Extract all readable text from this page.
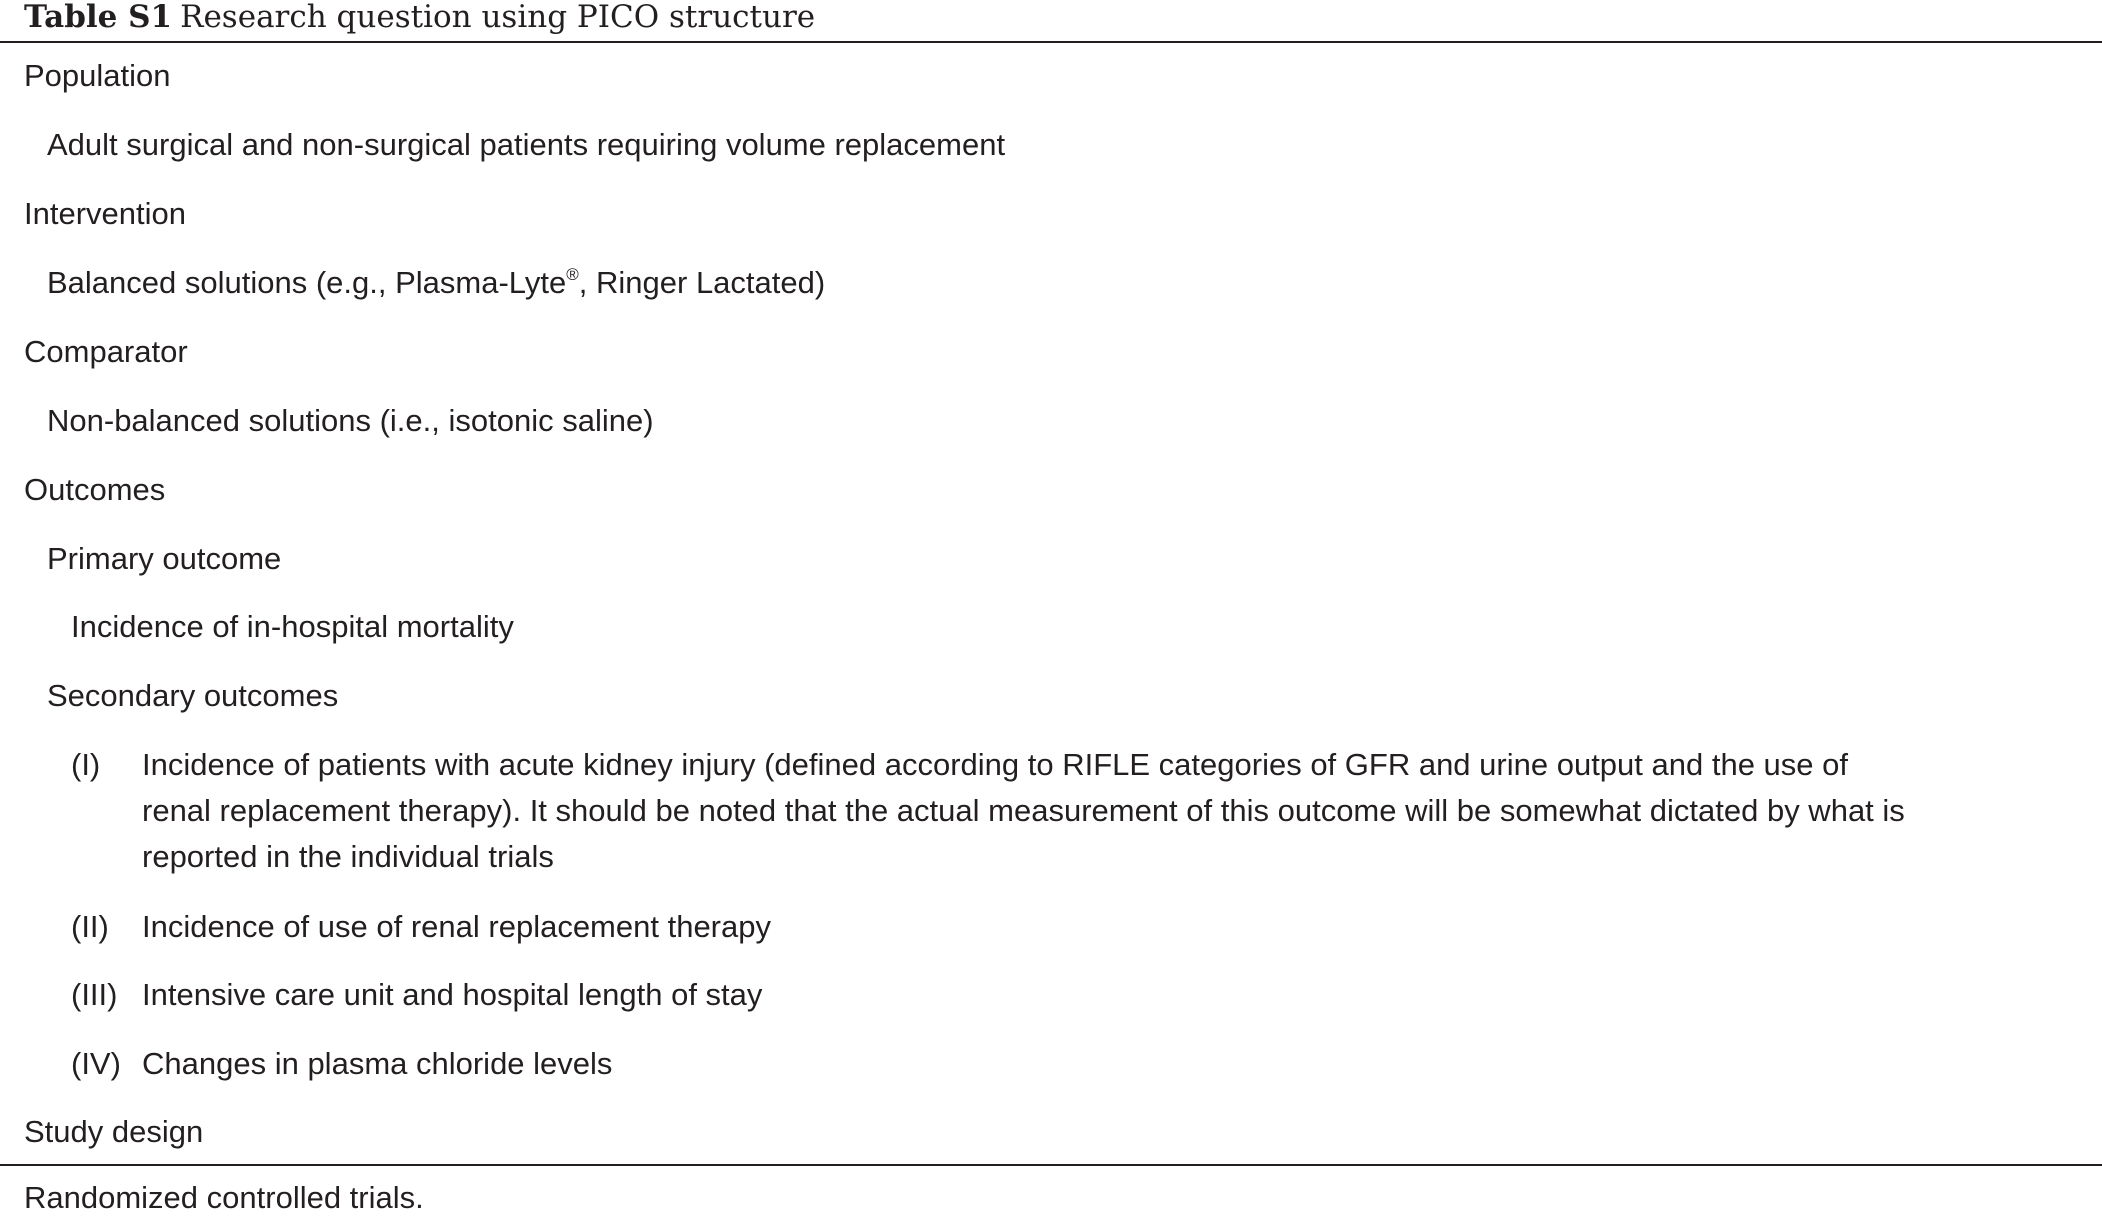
Table S1 Research question using PICO structure
Population
Adult surgical and non-surgical patients requiring volume replacement
Intervention
Balanced solutions (e.g., Plasma-Lyte®, Ringer Lactated)
Comparator
Non-balanced solutions (i.e., isotonic saline)
Outcomes
Primary outcome
Incidence of in-hospital mortality
Secondary outcomes
(I)	Incidence of patients with acute kidney injury (defined according to RIFLE categories of GFR and urine output and the use of
renal replacement therapy). It should be noted that the actual measurement of this outcome will be somewhat dictated by what is
reported in the individual trials
(II)	Incidence of use of renal replacement therapy
(III) Intensive care unit and hospital length of stay
(IV) Changes in plasma chloride levels
Study design
Randomized controlled trials.
